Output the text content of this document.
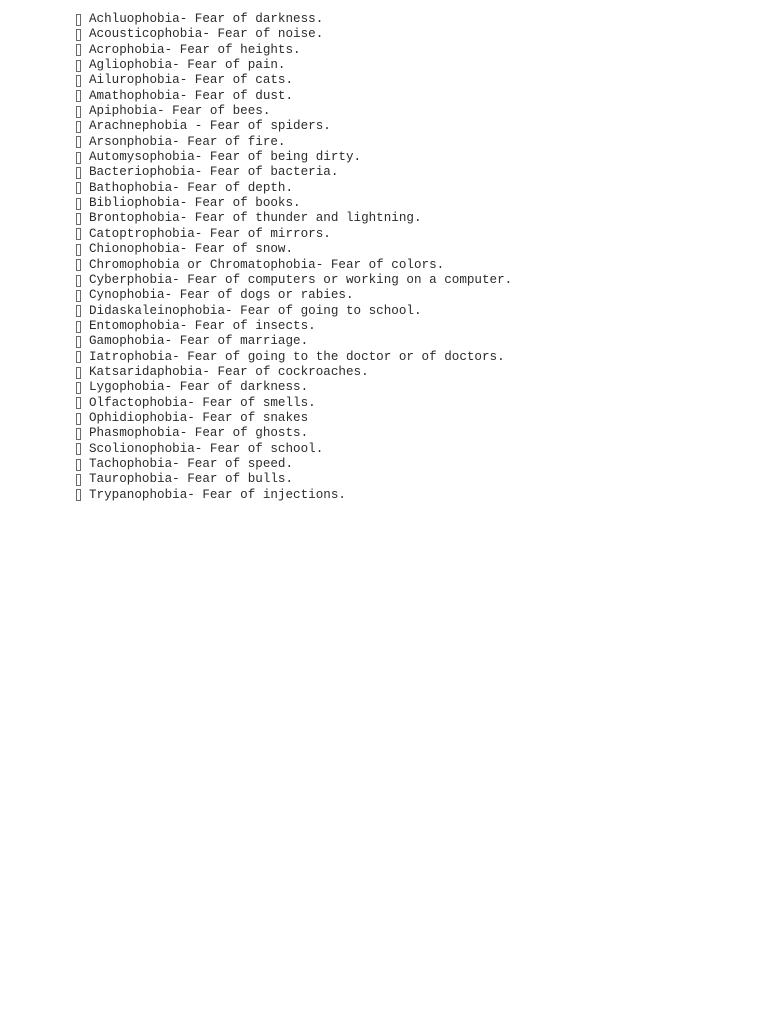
Achluophobia- Fear of darkness.
Acousticophobia- Fear of noise.
Acrophobia- Fear of heights.
Agliophobia- Fear of pain.
Ailurophobia- Fear of cats.
Amathophobia- Fear of dust.
Apiphobia- Fear of bees.
Arachnephobia - Fear of spiders.
Arsonphobia- Fear of fire.
Automysophobia- Fear of being dirty.
Bacteriophobia- Fear of bacteria.
Bathophobia- Fear of depth.
Bibliophobia- Fear of books.
Brontophobia- Fear of thunder and lightning.
Catoptrophobia- Fear of mirrors.
Chionophobia- Fear of snow.
Chromophobia or Chromatophobia- Fear of colors.
Cyberphobia- Fear of computers or working on a computer.
Cynophobia- Fear of dogs or rabies.
Didaskaleinophobia- Fear of going to school.
Entomophobia- Fear of insects.
Gamophobia- Fear of marriage.
Iatrophobia- Fear of going to the doctor or of doctors.
Katsaridaphobia- Fear of cockroaches.
Lygophobia- Fear of darkness.
Olfactophobia- Fear of smells.
Ophidiophobia- Fear of snakes
Phasmophobia- Fear of ghosts.
Scolionophobia- Fear of school.
Tachophobia- Fear of speed.
Taurophobia- Fear of bulls.
Trypanophobia- Fear of injections.
